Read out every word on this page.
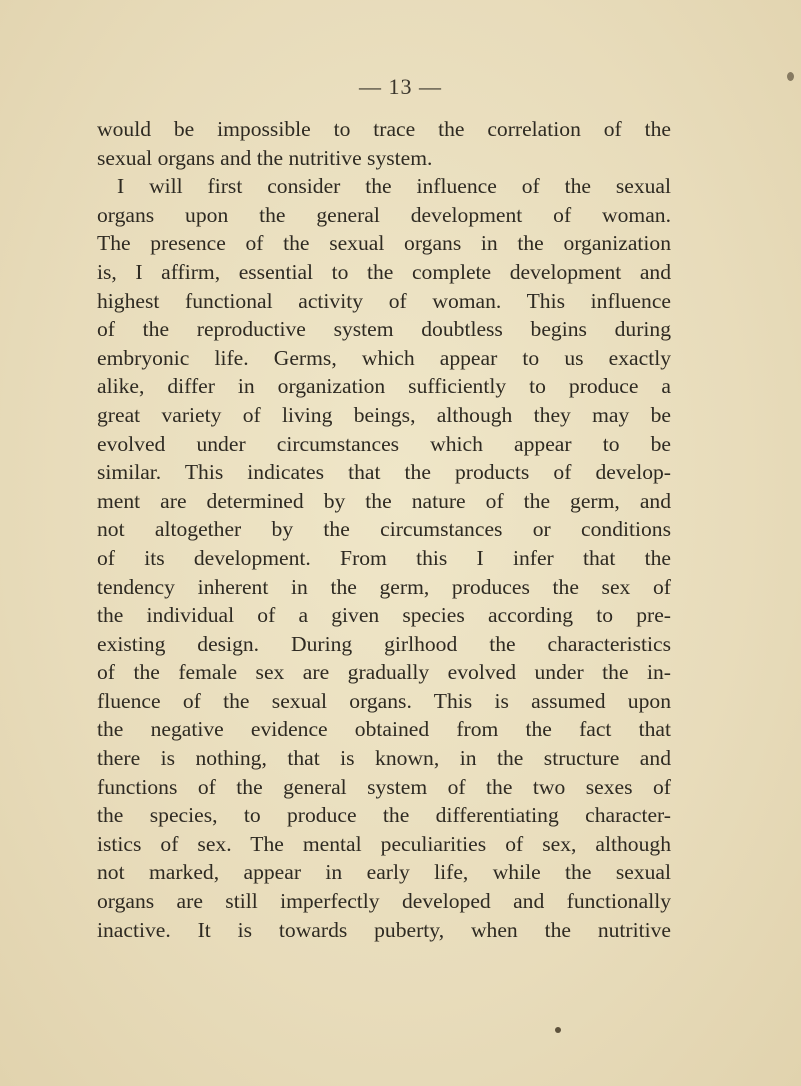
— 13 —
would be impossible to trace the correlation of the
sexual organs and the nutritive system.
I will first consider the influence of the sexual
organs upon the general development of woman.
The presence of the sexual organs in the organization
is, I affirm, essential to the complete development and
highest functional activity of woman. This influence
of the reproductive system doubtless begins during
embryonic life. Germs, which appear to us exactly
alike, differ in organization sufficiently to produce a
great variety of living beings, although they may be
evolved under circumstances which appear to be
similar. This indicates that the products of develop-
ment are determined by the nature of the germ, and
not altogether by the circumstances or conditions
of its development. From this I infer that the
tendency inherent in the germ, produces the sex of
the individual of a given species according to pre-
existing design. During girlhood the characteristics
of the female sex are gradually evolved under the in-
fluence of the sexual organs. This is assumed upon
the negative evidence obtained from the fact that
there is nothing, that is known, in the structure and
functions of the general system of the two sexes of
the species, to produce the differentiating character-
istics of sex. The mental peculiarities of sex, although
not marked, appear in early life, while the sexual
organs are still imperfectly developed and functionally
inactive. It is towards puberty, when the nutritive
